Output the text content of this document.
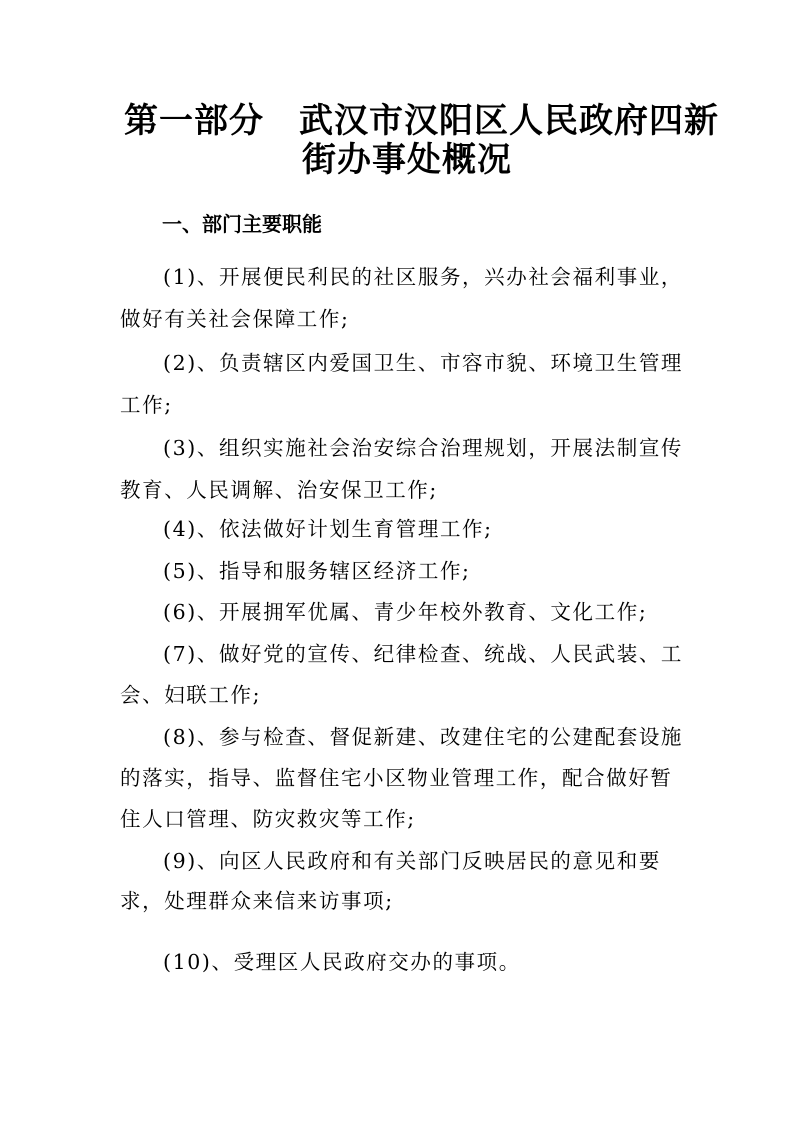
第一部分　武汉市汉阳区人民政府四新
街办事处概况
一、部门主要职能
(1)、开展便民利民的社区服务，兴办社会福利事业，
做好有关社会保障工作;
(2)、负责辖区内爱国卫生、市容市貌、环境卫生管理
工作;
(3)、组织实施社会治安综合治理规划，开展法制宣传
教育、人民调解、治安保卫工作;
(4)、依法做好计划生育管理工作;
(5)、指导和服务辖区经济工作;
(6)、开展拥军优属、青少年校外教育、文化工作;
(7)、做好党的宣传、纪律检查、统战、人民武装、工
会、妇联工作;
(8)、参与检查、督促新建、改建住宅的公建配套设施
的落实，指导、监督住宅小区物业管理工作，配合做好暂
住人口管理、防灾救灾等工作;
(9)、向区人民政府和有关部门反映居民的意见和要
求，处理群众来信来访事项;
(10)、受理区人民政府交办的事项。
